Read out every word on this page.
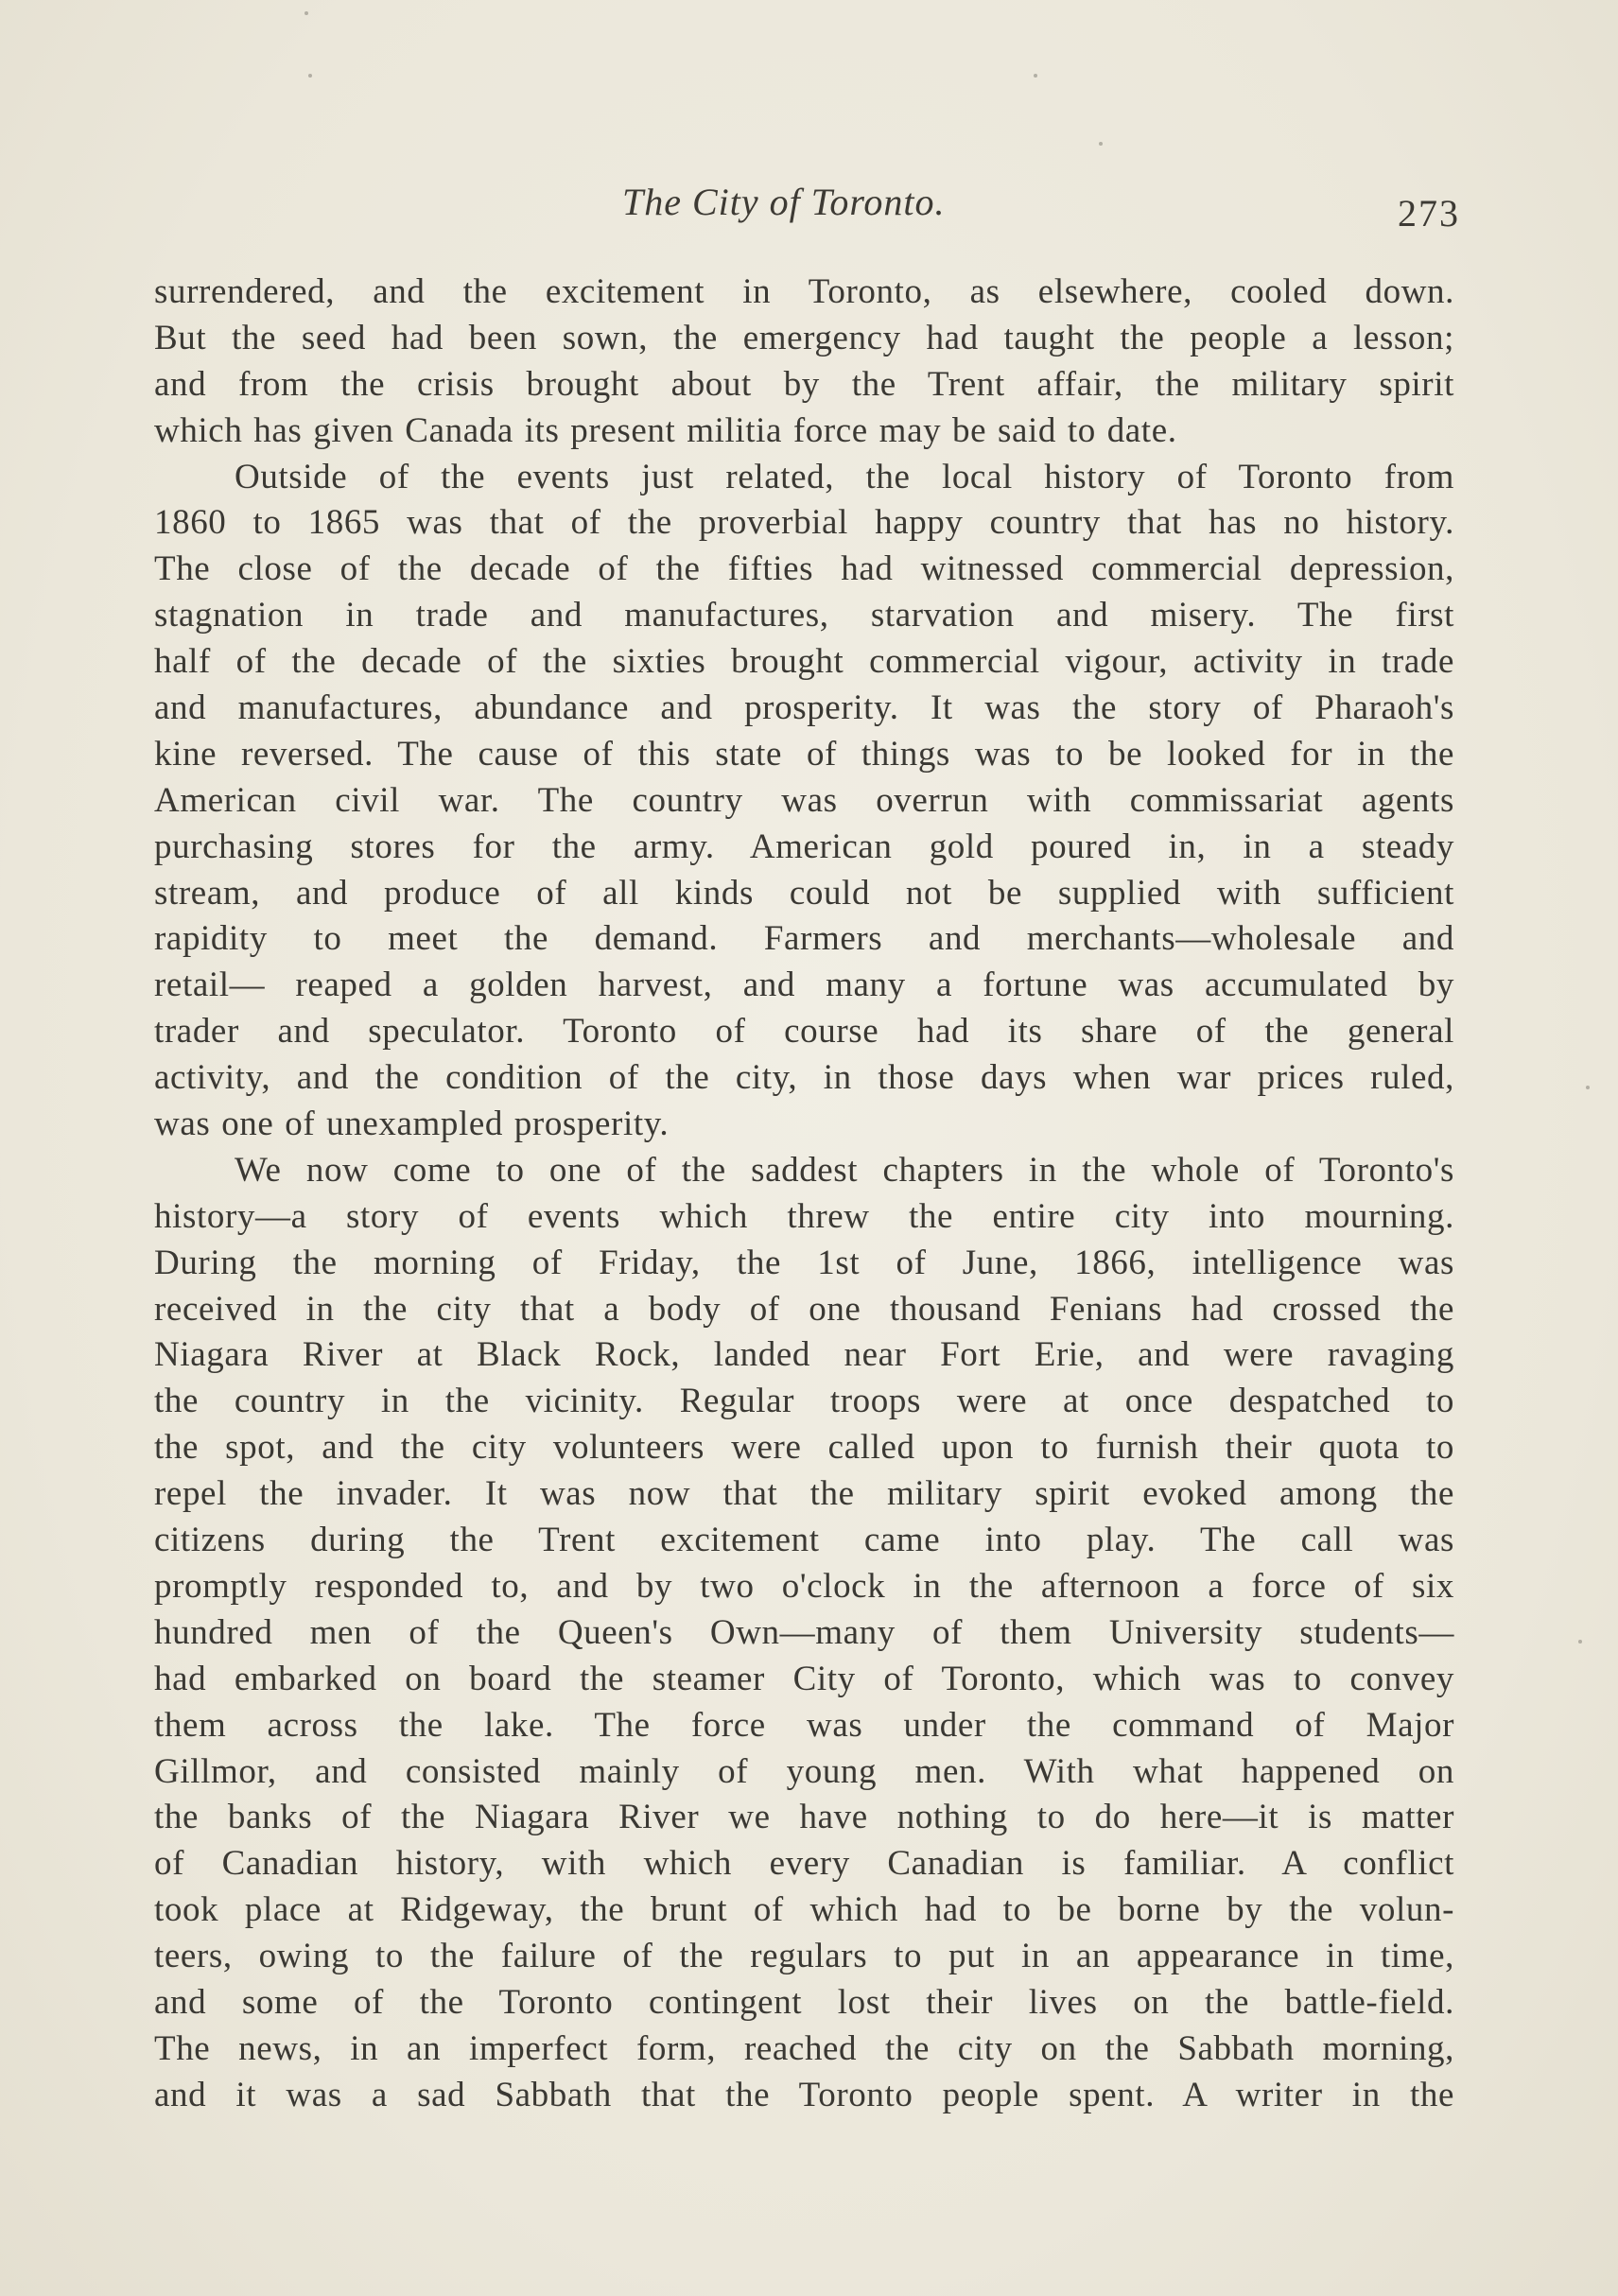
The City of Toronto.	273
surrendered, and the excitement in Toronto, as elsewhere, cooled down.
But the seed had been sown, the emergency had taught the people a lesson;
and from the crisis brought about by the Trent affair, the military spirit
which has given Canada its present militia force may be said to date.
Outside of the events just related, the local history of Toronto from
1860 to 1865 was that of the proverbial happy country that has no history.
The close of the decade of the fifties had witnessed commercial depression,
stagnation in trade and manufactures, starvation and misery. The first
half of the decade of the sixties brought commercial vigour, activity in trade
and manufactures, abundance and prosperity. It was the story of Pharaoh's
kine reversed. The cause of this state of things was to be looked for in the
American civil war. The country was overrun with commissariat agents
purchasing stores for the army. American gold poured in, in a steady
stream, and produce of all kinds could not be supplied with sufficient
rapidity to meet the demand. Farmers and merchants—wholesale and
retail— reaped a golden harvest, and many a fortune was accumulated by
trader and speculator. Toronto of course had its share of the general
activity, and the condition of the city, in those days when war prices ruled,
was one of unexampled prosperity.
We now come to one of the saddest chapters in the whole of Toronto's
history—a story of events which threw the entire city into mourning.
During the morning of Friday, the 1st of June, 1866, intelligence was
received in the city that a body of one thousand Fenians had crossed the
Niagara River at Black Rock, landed near Fort Erie, and were ravaging
the country in the vicinity. Regular troops were at once despatched to
the spot, and the city volunteers were called upon to furnish their quota to
repel the invader. It was now that the military spirit evoked among the
citizens during the Trent excitement came into play. The call was
promptly responded to, and by two o'clock in the afternoon a force of six
hundred men of the Queen's Own—many of them University students—
had embarked on board the steamer City of Toronto, which was to convey
them across the lake. The force was under the command of Major
Gillmor, and consisted mainly of young men. With what happened on
the banks of the Niagara River we have nothing to do here—it is matter
of Canadian history, with which every Canadian is familiar. A conflict
took place at Ridgeway, the brunt of which had to be borne by the volun-
teers, owing to the failure of the regulars to put in an appearance in time,
and some of the Toronto contingent lost their lives on the battle-field.
The news, in an imperfect form, reached the city on the Sabbath morning,
and it was a sad Sabbath that the Toronto people spent. A writer in the
